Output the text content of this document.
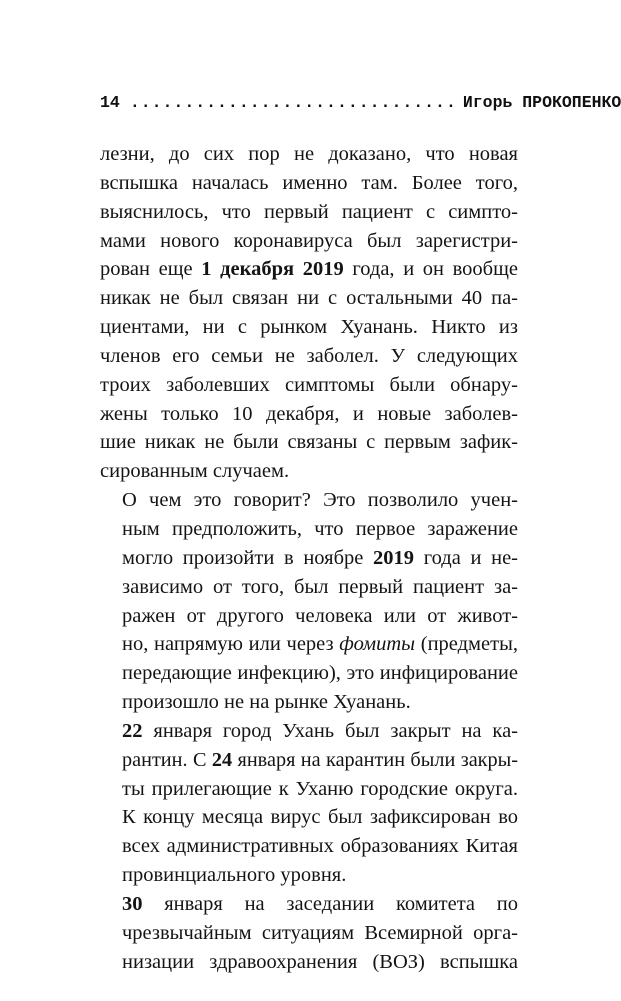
14 .............................. Игорь ПРОКОПЕНКО

лезни, до сих пор не доказано, что новая
вспышка началась именно там. Более того,
выяснилось, что первый пациент с симпто-
мами нового коронавируса был зарегистри-
рован еще 1 декабря 2019 года, и он вообще
никак не был связан ни с остальными 40 па-
циентами, ни с рынком Хуанань. Никто из
членов его семьи не заболел. У следующих
троих заболевших симптомы были обнару-
жены только 10 декабря, и новые заболев-
шие никак не были связаны с первым зафик-
сированным случаем.

О чем это говорит? Это позволило учен-
ным предположить, что первое заражение
могло произойти в ноябре 2019 года и не-
зависимо от того, был первый пациент за-
ражен от другого человека или от живот-
но, напрямую или через фомиты (предметы,
передающие инфекцию), это инфицирование
произошло не на рынке Хуанань.

22 января город Ухань был закрыт на ка-
рантин. С 24 января на карантин были закры-
ты прилегающие к Уханю городские округа.
К концу месяца вирус был зафиксирован во
всех административных образованиях Китая
провинциального уровня.

30 января на заседании комитета по
чрезвычайным ситуациям Всемирной орга-
низации здравоохранения (ВОЗ) вспышка
